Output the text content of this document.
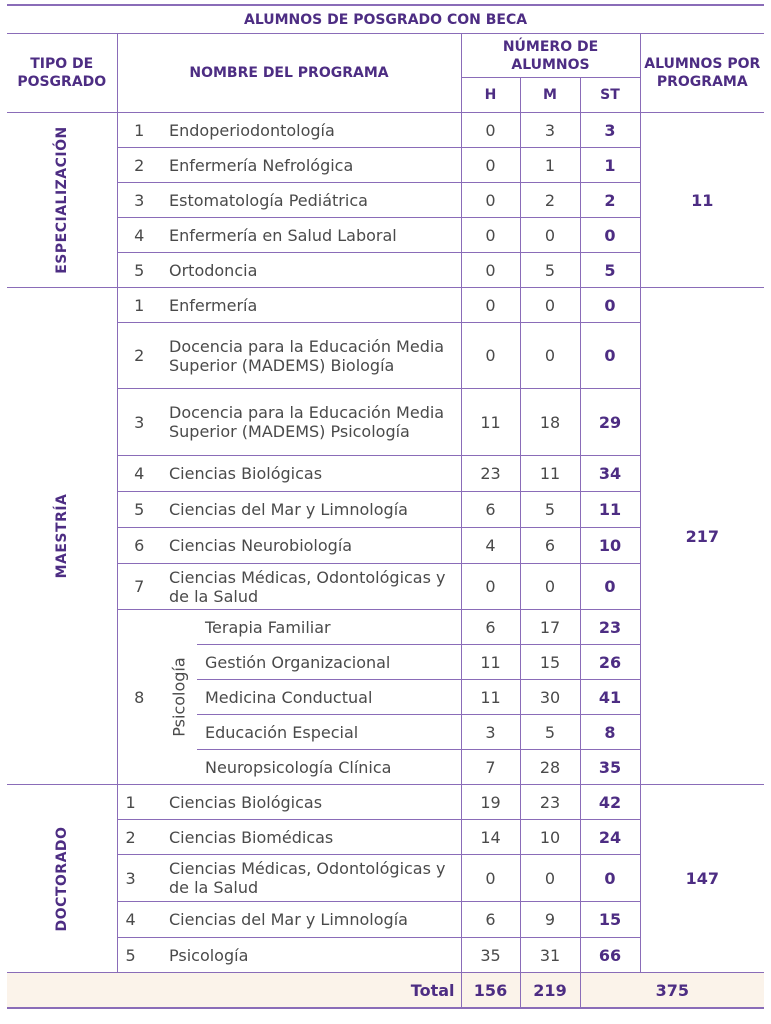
ALUMNOS DE POSGRADO CON BECA							
TIPO DE POSGRADO	NOMBRE DEL PROGRAMA			NÚMERO DE ALUMNOS			ALUMNOS POR PROGRAMA
				H	M	ST	

ESPECIALIZACIÓN	1	Endoperiodontología		0	3	3	11
	2	Enfermería Nefrológica		0	1	1	
	3	Estomatología Pediátrica		0	2	2	
	4	Enfermería en Salud Laboral		0	0	0	
	5	Ortodoncia		0	5	5	

MAESTRÍA	1	Enfermería		0	0	0	217
	2	Docencia para la Educación Media Superior (MADEMS) Biología		0	0	0	
	3	Docencia para la Educación Media Superior (MADEMS) Psicología		11	18	29	
	4	Ciencias Biológicas		23	11	34	
	5	Ciencias del Mar y Limnología		6	5	11	
	6	Ciencias Neurobiología		4	6	10	
	7	Ciencias Médicas, Odontológicas y de la Salud		0	0	0	
	8	Psicología	Terapia Familiar	6	17	23	
			Gestión Organizacional	11	15	26	
			Medicina Conductual	11	30	41	
			Educación Especial	3	5	8	
			Neuropsicología Clínica	7	28	35	

DOCTORADO	1	Ciencias Biológicas		19	23	42	147
	2	Ciencias Biomédicas		14	10	24	
	3	Ciencias Médicas, Odontológicas y de la Salud		0	0	0	
	4	Ciencias del Mar y Limnología		6	9	15	
	5	Psicología		35	31	66	
Total				156	219	375	
